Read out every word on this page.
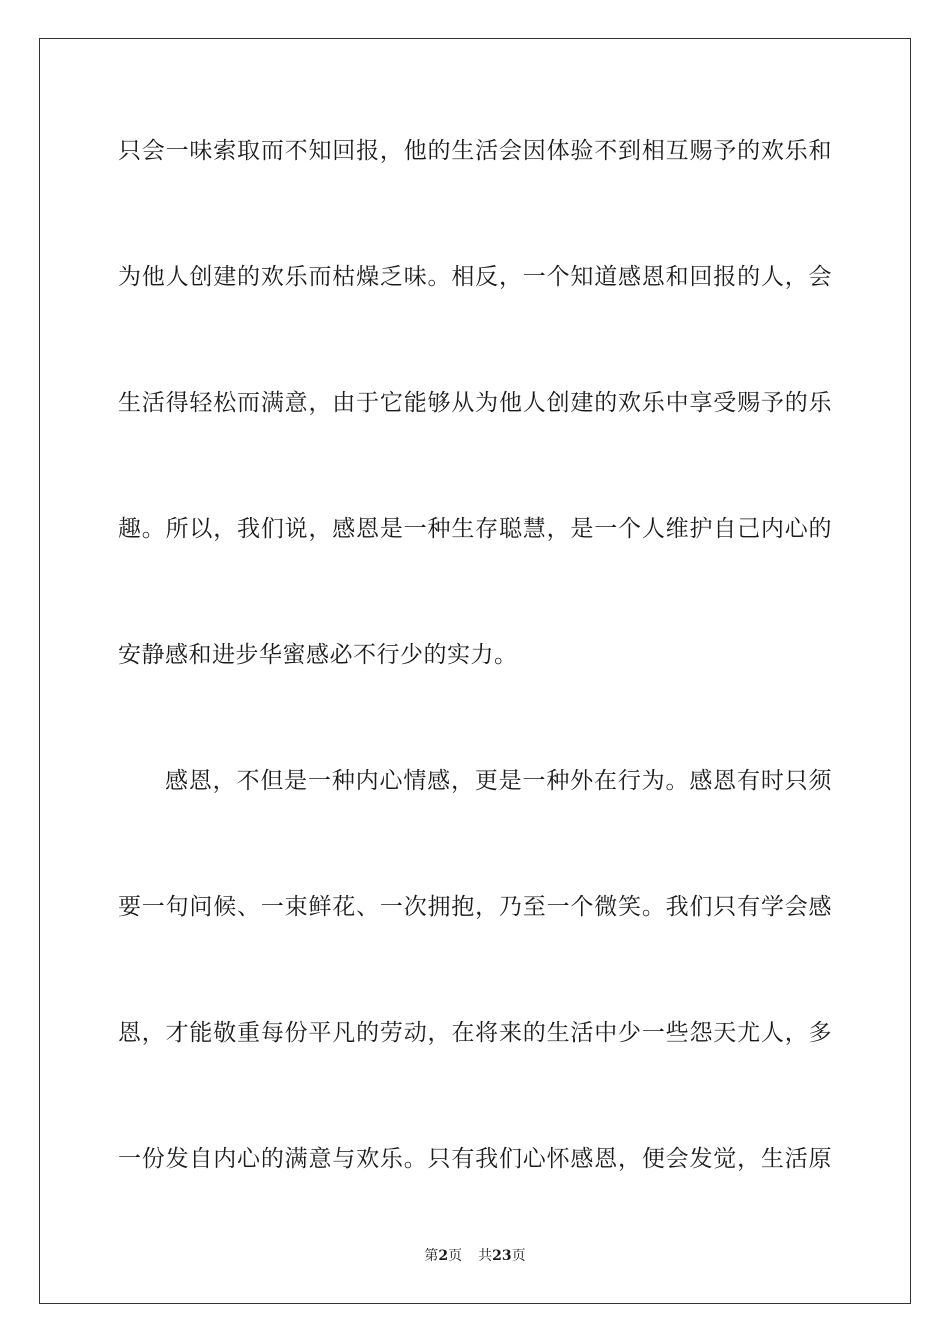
只会一味索取而不知回报，他的生活会因体验不到相互赐予的欢乐和
为他人创建的欢乐而枯燥乏味。相反，一个知道感恩和回报的人，会
生活得轻松而满意，由于它能够从为他人创建的欢乐中享受赐予的乐
趣。所以，我们说，感恩是一种生存聪慧，是一个人维护自己内心的
安静感和进步华蜜感必不行少的实力。
感恩，不但是一种内心情感，更是一种外在行为。感恩有时只须
要一句问候、一束鲜花、一次拥抱，乃至一个微笑。我们只有学会感
恩，才能敬重每份平凡的劳动，在将来的生活中少一些怨天尤人，多
一份发自内心的满意与欢乐。只有我们心怀感恩，便会发觉，生活原
第2页 共23页
